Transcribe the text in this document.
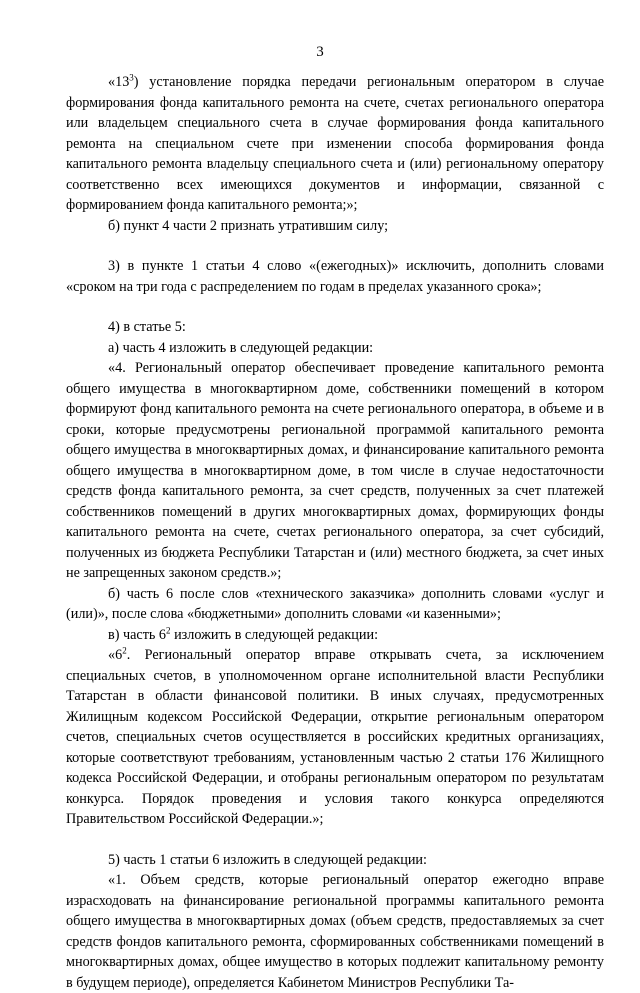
3

«$13^3$) установление порядка передачи региональным оператором в случае формирования фонда капитального ремонта на счете, счетах регионального оператора или владельцем специального счета в случае формирования фонда капитального ремонта на специальном счете при изменении способа формирования фонда капитального ремонта владельцу специального счета и (или) региональному оператору соответственно всех имеющихся документов и информации, связанной с формированием фонда капитального ремонта;»;

б) пункт 4 части 2 признать утратившим силу;

3) в пункте 1 статьи 4 слово «(ежегодных)» исключить, дополнить словами «сроком на три года с распределением по годам в пределах указанного срока»;

4) в статье 5:

а) часть 4 изложить в следующей редакции:

«4. Региональный оператор обеспечивает проведение капитального ремонта общего имущества в многоквартирном доме, собственники помещений в котором формируют фонд капитального ремонта на счете регионального оператора, в объеме и в сроки, которые предусмотрены региональной программой капитального ремонта общего имущества в многоквартирных домах, и финансирование капитального ремонта общего имущества в многоквартирном доме, в том числе в случае недостаточности средств фонда капитального ремонта, за счет средств, полученных за счет платежей собственников помещений в других многоквартирных домах, формирующих фонды капитального ремонта на счете, счетах регионального оператора, за счет субсидий, полученных из бюджета Республики Татарстан и (или) местного бюджета, за счет иных не запрещенных законом средств.»;

б) часть 6 после слов «технического заказчика» дополнить словами «услуг и (или)», после слова «бюджетными» дополнить словами «и казенными»;

в) часть $6^2$ изложить в следующей редакции:

«$6^2$. Региональный оператор вправе открывать счета, за исключением специальных счетов, в уполномоченном органе исполнительной власти Республики Татарстан в области финансовой политики. В иных случаях, предусмотренных Жилищным кодексом Российской Федерации, открытие региональным оператором счетов, специальных счетов осуществляется в российских кредитных организациях, которые соответствуют требованиям, установленным частью 2 статьи 176 Жилищного кодекса Российской Федерации, и отобраны региональным оператором по результатам конкурса. Порядок проведения и условия такого конкурса определяются Правительством Российской Федерации.»;

5) часть 1 статьи 6 изложить в следующей редакции:

«1. Объем средств, которые региональный оператор ежегодно вправе израсходовать на финансирование региональной программы капитального ремонта общего имущества в многоквартирных домах (объем средств, предоставляемых за счет средств фондов капитального ремонта, сформированных собственниками помещений в многоквартирных домах, общее имущество в которых подлежит капитальному ремонту в будущем периоде), определяется Кабинетом Министров Республики Та-
